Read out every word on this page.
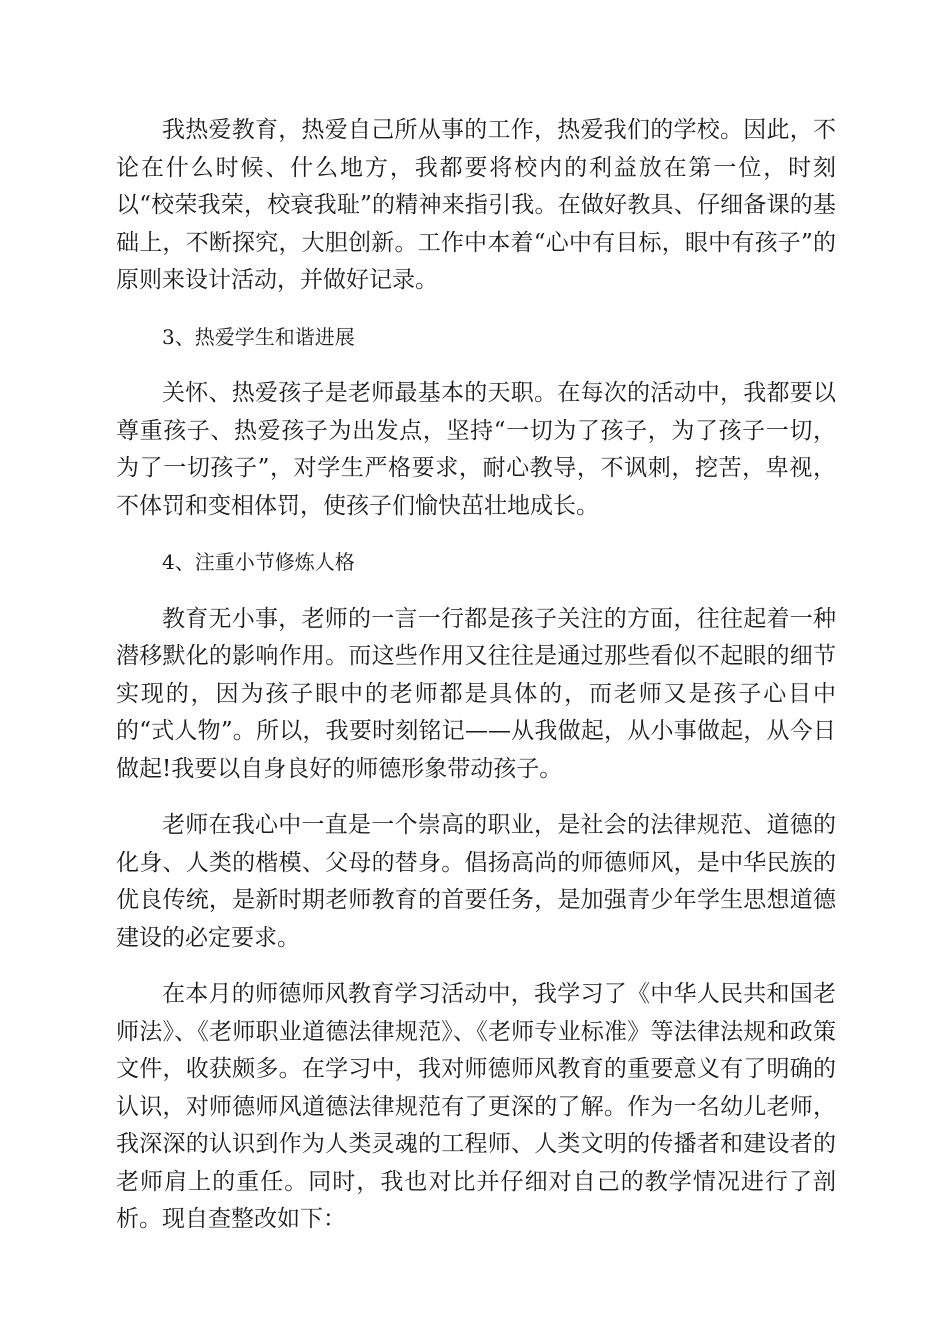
我热爱教育，热爱自己所从事的工作，热爱我们的学校。因此，不论在什么时候、什么地方，我都要将校内的利益放在第一位，时刻以“校荣我荣，校衰我耻”的精神来指引我。在做好教具、仔细备课的基础上，不断探究，大胆创新。工作中本着“心中有目标，眼中有孩子”的原则来设计活动，并做好记录。

3、热爱学生和谐进展

关怀、热爱孩子是老师最基本的天职。在每次的活动中，我都要以尊重孩子、热爱孩子为出发点，坚持“一切为了孩子，为了孩子一切，为了一切孩子”，对学生严格要求，耐心教导，不讽刺，挖苦，卑视，不体罚和变相体罚，使孩子们愉快茁壮地成长。

4、注重小节修炼人格

教育无小事，老师的一言一行都是孩子关注的方面，往往起着一种潜移默化的影响作用。而这些作用又往往是通过那些看似不起眼的细节实现的，因为孩子眼中的老师都是具体的，而老师又是孩子心目中的“式人物”。所以，我要时刻铭记——从我做起，从小事做起，从今日做起!我要以自身良好的师德形象带动孩子。

老师在我心中一直是一个崇高的职业，是社会的法律规范、道德的化身、人类的楷模、父母的替身。倡扬高尚的师德师风，是中华民族的优良传统，是新时期老师教育的首要任务，是加强青少年学生思想道德建设的必定要求。

在本月的师德师风教育学习活动中，我学习了《中华人民共和国老师法》、《老师职业道德法律规范》、《老师专业标准》等法律法规和政策文件，收获颇多。在学习中，我对师德师风教育的重要意义有了明确的认识，对师德师风道德法律规范有了更深的了解。作为一名幼儿老师，我深深的认识到作为人类灵魂的工程师、人类文明的传播者和建设者的老师肩上的重任。同时，我也对比并仔细对自己的教学情况进行了剖析。现自查整改如下：
